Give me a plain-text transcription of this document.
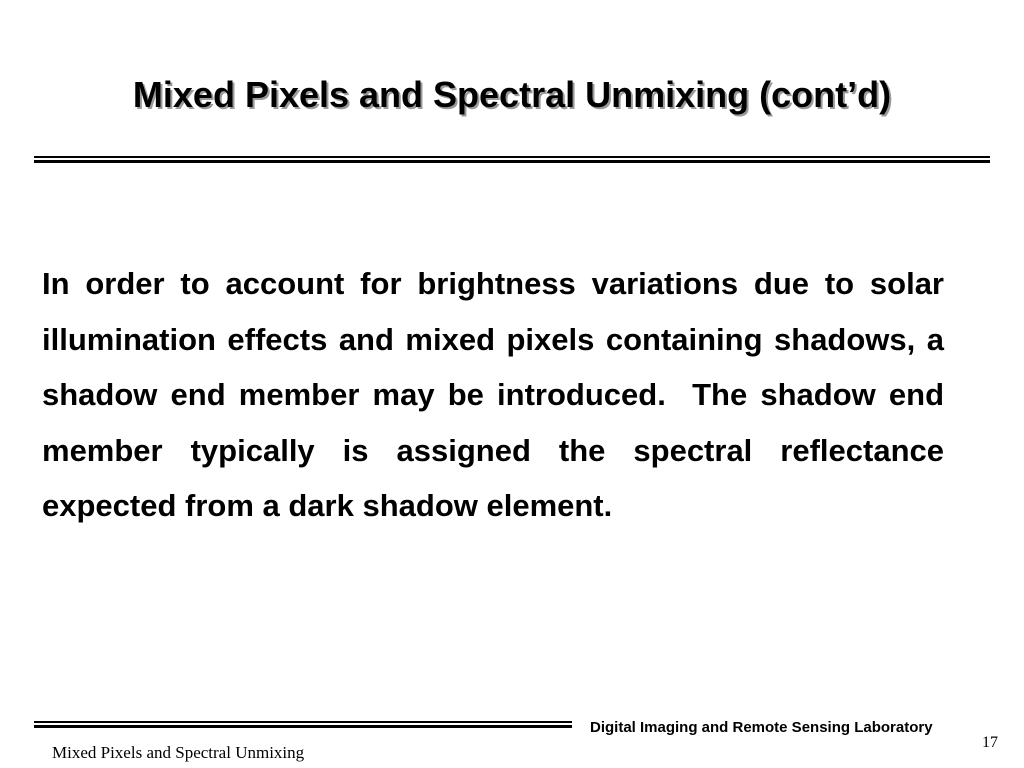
Mixed Pixels and Spectral Unmixing (cont’d)

In order to account for brightness variations due to solar illumination effects and mixed pixels containing shadows, a shadow end member may be introduced.  The shadow end member typically is assigned the spectral reflectance expected from a dark shadow element.

Digital Imaging and Remote Sensing Laboratory
17
Mixed Pixels and Spectral Unmixing
